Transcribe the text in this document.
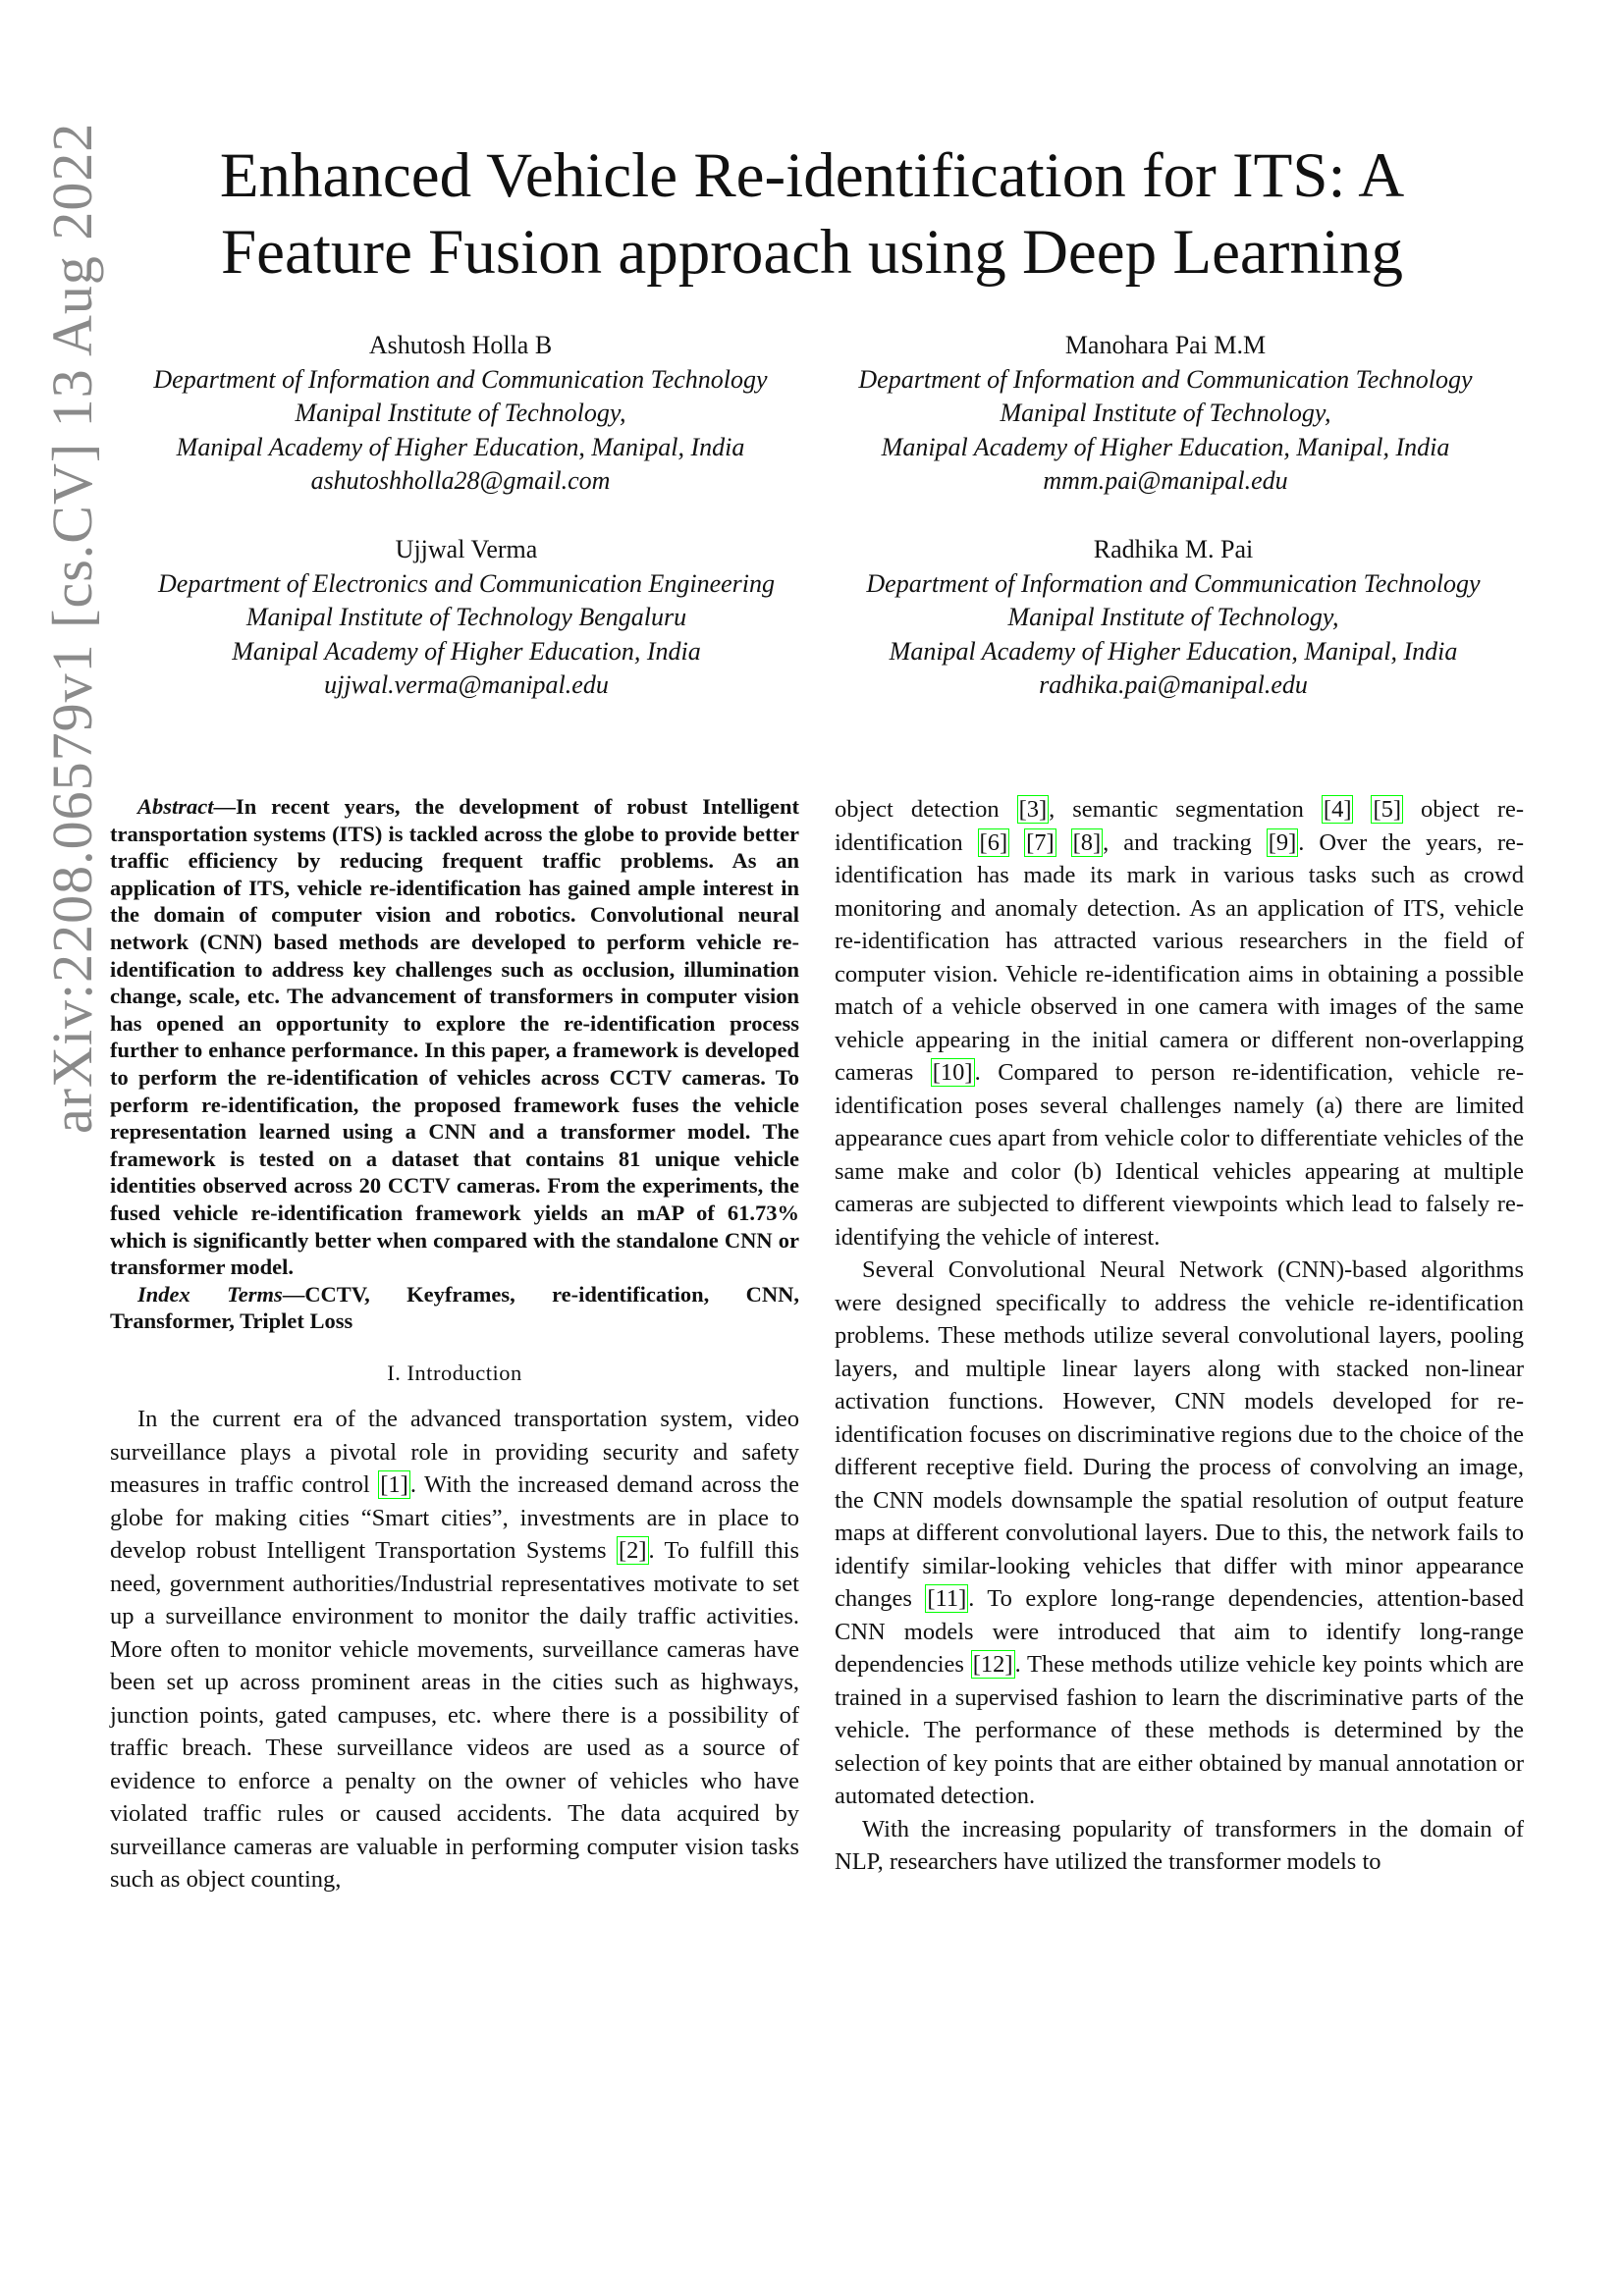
arXiv:2208.06579v1 [cs.CV] 13 Aug 2022	Enhanced Vehicle Re-identification for ITS: A
Feature Fusion approach using Deep Learning
Ashutosh Holla B
Department of Information and Communication Technology
Manipal Institute of Technology,
Manipal Academy of Higher Education, Manipal, India
ashutoshholla28@gmail.com
Manohara Pai M.M
Department of Information and Communication Technology
Manipal Institute of Technology,
Manipal Academy of Higher Education, Manipal, India
mmm.pai@manipal.edu
Ujjwal Verma
Department of Electronics and Communication Engineering
Manipal Institute of Technology Bengaluru
Manipal Academy of Higher Education, India
ujjwal.verma@manipal.edu
Radhika M. Pai
Department of Information and Communication Technology
Manipal Institute of Technology,
Manipal Academy of Higher Education, Manipal, India
radhika.pai@manipal.edu

Abstract—In recent years, the development of robust Intelligent transportation systems (ITS) is tackled across the globe to provide better traffic efficiency by reducing frequent traffic problems. As an application of ITS, vehicle re-identification has gained ample interest in the domain of computer vision and robotics. Convolutional neural network (CNN) based methods are developed to perform vehicle re-identification to address key challenges such as occlusion, illumination change, scale, etc. The advancement of transformers in computer vision has opened an opportunity to explore the re-identification process further to enhance performance. In this paper, a framework is developed to perform the re-identification of vehicles across CCTV cameras. To perform re-identification, the proposed framework fuses the vehicle representation learned using a CNN and a transformer model. The framework is tested on a dataset that contains 81 unique vehicle identities observed across 20 CCTV cameras. From the experiments, the fused vehicle re-identification framework yields an mAP of 61.73% which is significantly better when compared with the standalone CNN or transformer model.

Index Terms—CCTV, Keyframes, re-identification, CNN, Transformer, Triplet Loss

I. Introduction

In the current era of the advanced transportation system, video surveillance plays a pivotal role in providing security and safety measures in traffic control [1]. With the increased demand across the globe for making cities “Smart cities”, investments are in place to develop robust Intelligent Transportation Systems [2]. To fulfill this need, government authorities/Industrial representatives motivate to set up a surveillance environment to monitor the daily traffic activities. More often to monitor vehicle movements, surveillance cameras have been set up across prominent areas in the cities such as highways, junction points, gated campuses, etc. where there is a possibility of traffic breach. These surveillance videos are used as a source of evidence to enforce a penalty on the owner of vehicles who have violated traffic rules or caused accidents. The data acquired by surveillance cameras are valuable in performing computer vision tasks such as object counting,

object detection [3], semantic segmentation [4] [5] object re-identification [6] [7] [8], and tracking [9]. Over the years, re-identification has made its mark in various tasks such as crowd monitoring and anomaly detection. As an application of ITS, vehicle re-identification has attracted various researchers in the field of computer vision. Vehicle re-identification aims in obtaining a possible match of a vehicle observed in one camera with images of the same vehicle appearing in the initial camera or different non-overlapping cameras [10]. Compared to person re-identification, vehicle re-identification poses several challenges namely (a) there are limited appearance cues apart from vehicle color to differentiate vehicles of the same make and color (b) Identical vehicles appearing at multiple cameras are subjected to different viewpoints which lead to falsely re-identifying the vehicle of interest.

Several Convolutional Neural Network (CNN)-based algorithms were designed specifically to address the vehicle re-identification problems. These methods utilize several convolutional layers, pooling layers, and multiple linear layers along with stacked non-linear activation functions. However, CNN models developed for re-identification focuses on discriminative regions due to the choice of the different receptive field. During the process of convolving an image, the CNN models downsample the spatial resolution of output feature maps at different convolutional layers. Due to this, the network fails to identify similar-looking vehicles that differ with minor appearance changes [11]. To explore long-range dependencies, attention-based CNN models were introduced that aim to identify long-range dependencies [12]. These methods utilize vehicle key points which are trained in a supervised fashion to learn the discriminative parts of the vehicle. The performance of these methods is determined by the selection of key points that are either obtained by manual annotation or automated detection.

With the increasing popularity of transformers in the domain of NLP, researchers have utilized the transformer models to
